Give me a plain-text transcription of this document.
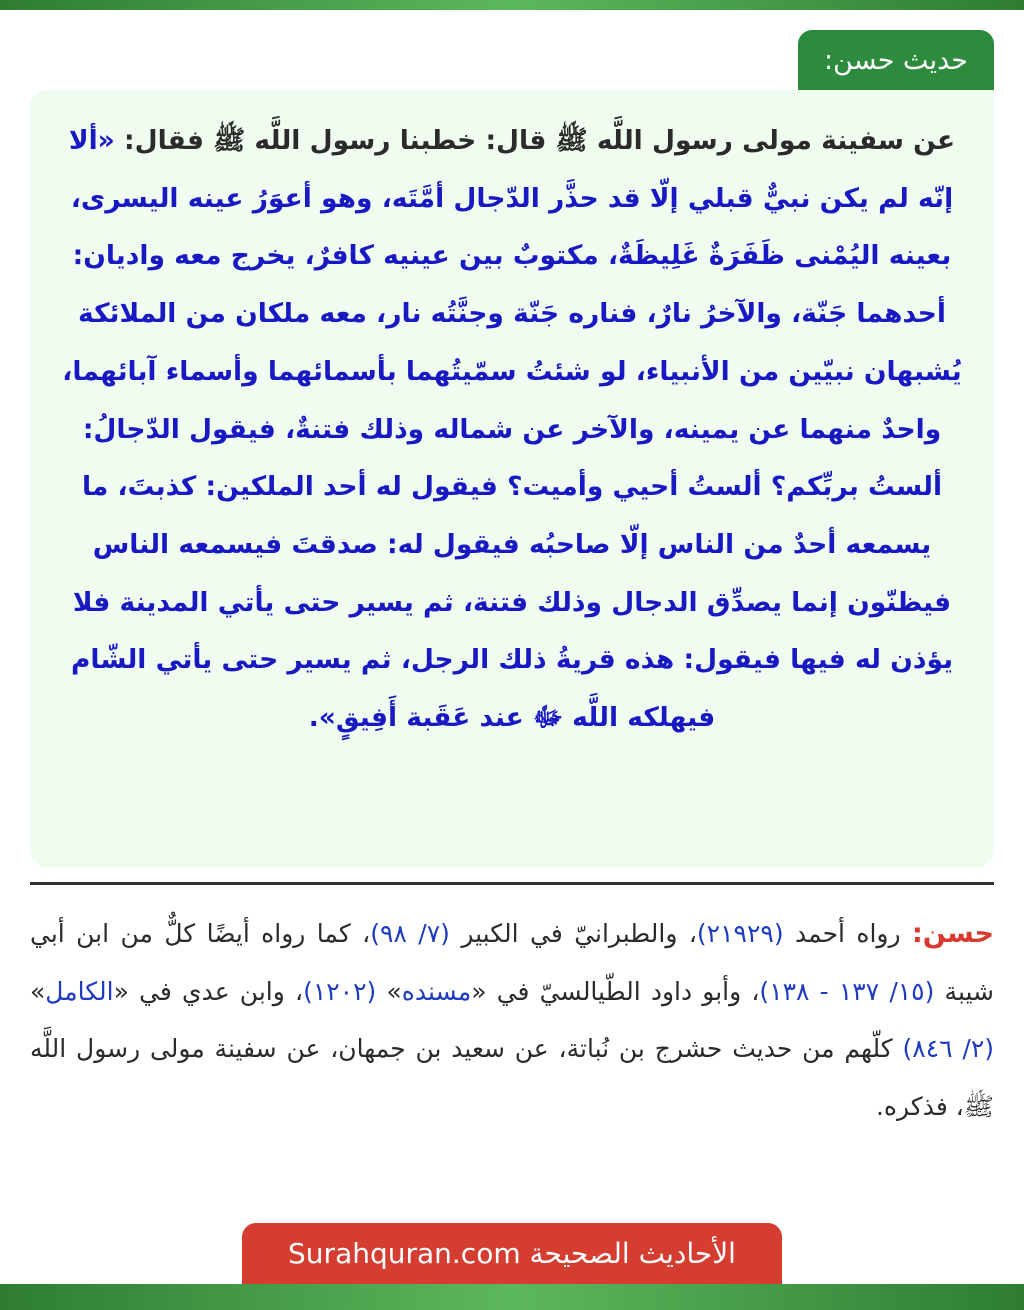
حديث حسن:

عن سفينة مولى رسول اللَّه ﷺ قال: خطبنا رسول اللَّه ﷺ فقال: «ألا إنّه لم يكن نبيٌّ قبلي إلّا قد حذَّر الدّجال أمَّتَه، وهو أعوَرُ عينه اليسرى، بعينه اليُمْنى ظَفَرَةٌ غَلِيظَةٌ، مكتوبٌ بين عينيه كافرٌ، يخرج معه واديان: أحدهما جَنّة، والآخرُ نارٌ، فناره جَنّة وجنَّتُه نار، معه ملكان من الملائكة يُشبهان نبيّين من الأنبياء، لو شئتُ سمّيتُهما بأسمائهما وأسماء آبائهما، واحدٌ منهما عن يمينه، والآخر عن شماله وذلك فتنةٌ، فيقول الدّجالُ: ألستُ بربِّكم؟ ألستُ أحيي وأميت؟ فيقول له أحد الملكين: كذبتَ، ما يسمعه أحدٌ من الناس إلّا صاحبُه فيقول له: صدقتَ فيسمعه الناس فيظنّون إنما يصدِّق الدجال وذلك فتنة، ثم يسير حتى يأتي المدينة فلا يؤذن له فيها فيقول: هذه قريةُ ذلك الرجل، ثم يسير حتى يأتي الشّام فيهلكه اللَّه ﷻ عند عَقَبة أَفِيقٍ».

حسن: رواه أحمد (٢١٩٢٩)، والطبرانيّ في الكبير (٧/ ٩٨)، كما رواه أيضًا كلٌّ من ابن أبي شيبة (١٥/ ١٣٧ - ١٣٨)، وأبو داود الطّيالسيّ في «مسنده» (١٢٠٢)، وابن عدي في «الكامل» (٢/ ٨٤٦) كلّهم من حديث حشرج بن نُباتة، عن سعيد بن جمهان، عن سفينة مولى رسول اللَّه ﷺ، فذكره.

الأحاديث الصحيحة Surahquran.com
